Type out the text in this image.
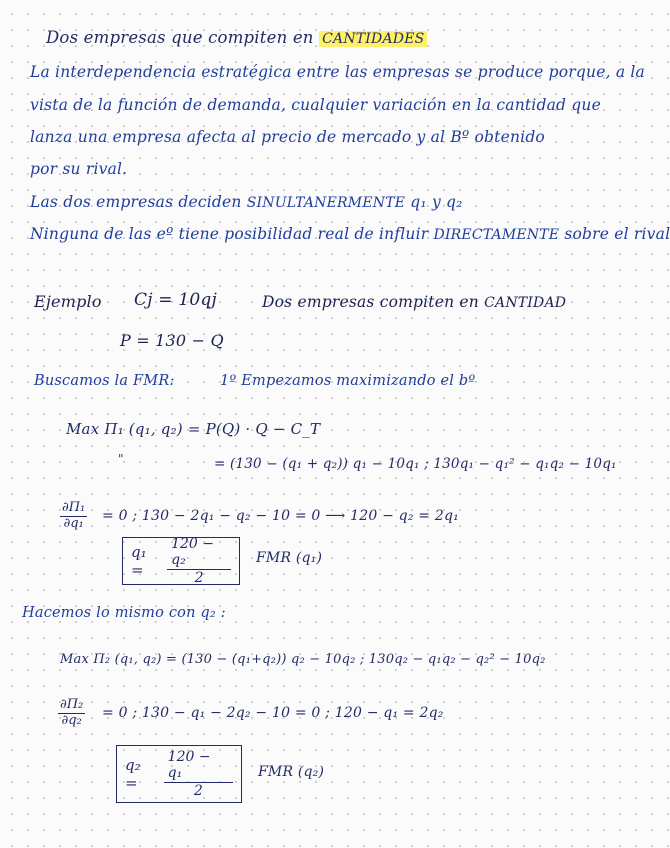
Dos empresas que compiten en CANTIDADES
La interdependencia estratégica entre las empresas se produce porque, a la
vista de la función de demanda, cualquier variación en la cantidad que
lanza una empresa afecta al precio de mercado y al Bº obtenido
por su rival.
Las dos empresas deciden SINULTANERMENTE q₁ y q₂
Ninguna de las eº tiene posibilidad real de influir DIRECTAMENTE sobre el rival
Ejemplo Cj = 10qj	Dos empresas compiten en CANTIDAD
P = 130 − Q
Buscamos la FMR:	1º Empezamos maximizando el bº
Max Π₁ (q₁, q₂) = P(Q) · Q − C_T
"	= (130 − (q₁ + q₂)) q₁ − 10q₁ ; 130q₁ − q₁² − q₁q₂ − 10q₁
$\frac{\text{∂Π₁}}{\text{∂q₁}} = 0$ ; 130 − 2q₁ − q₂ − 10 = 0 ⟶ 120 − q₂ = 2q₁
q₁ =	$\frac{\text{120 − q₂}}{2}$ FMR (q₁)
Hacemos lo mismo con q₂ :
Max Π₂ (q₁, q₂) = (130 − (q₁+q₂)) q₂ − 10q₂ ; 130q₂ − q₁q₂ − q₂² − 10q₂
$\frac{\text{∂Π₂}}{\text{∂q₂}} = 0$ ; 130 − q₁ − 2q₂ − 10 = 0 ; 120 − q₁ = 2q₂
q₂ =	$\frac{\text{120 − q₁}}{2}$ FMR (q₂)
